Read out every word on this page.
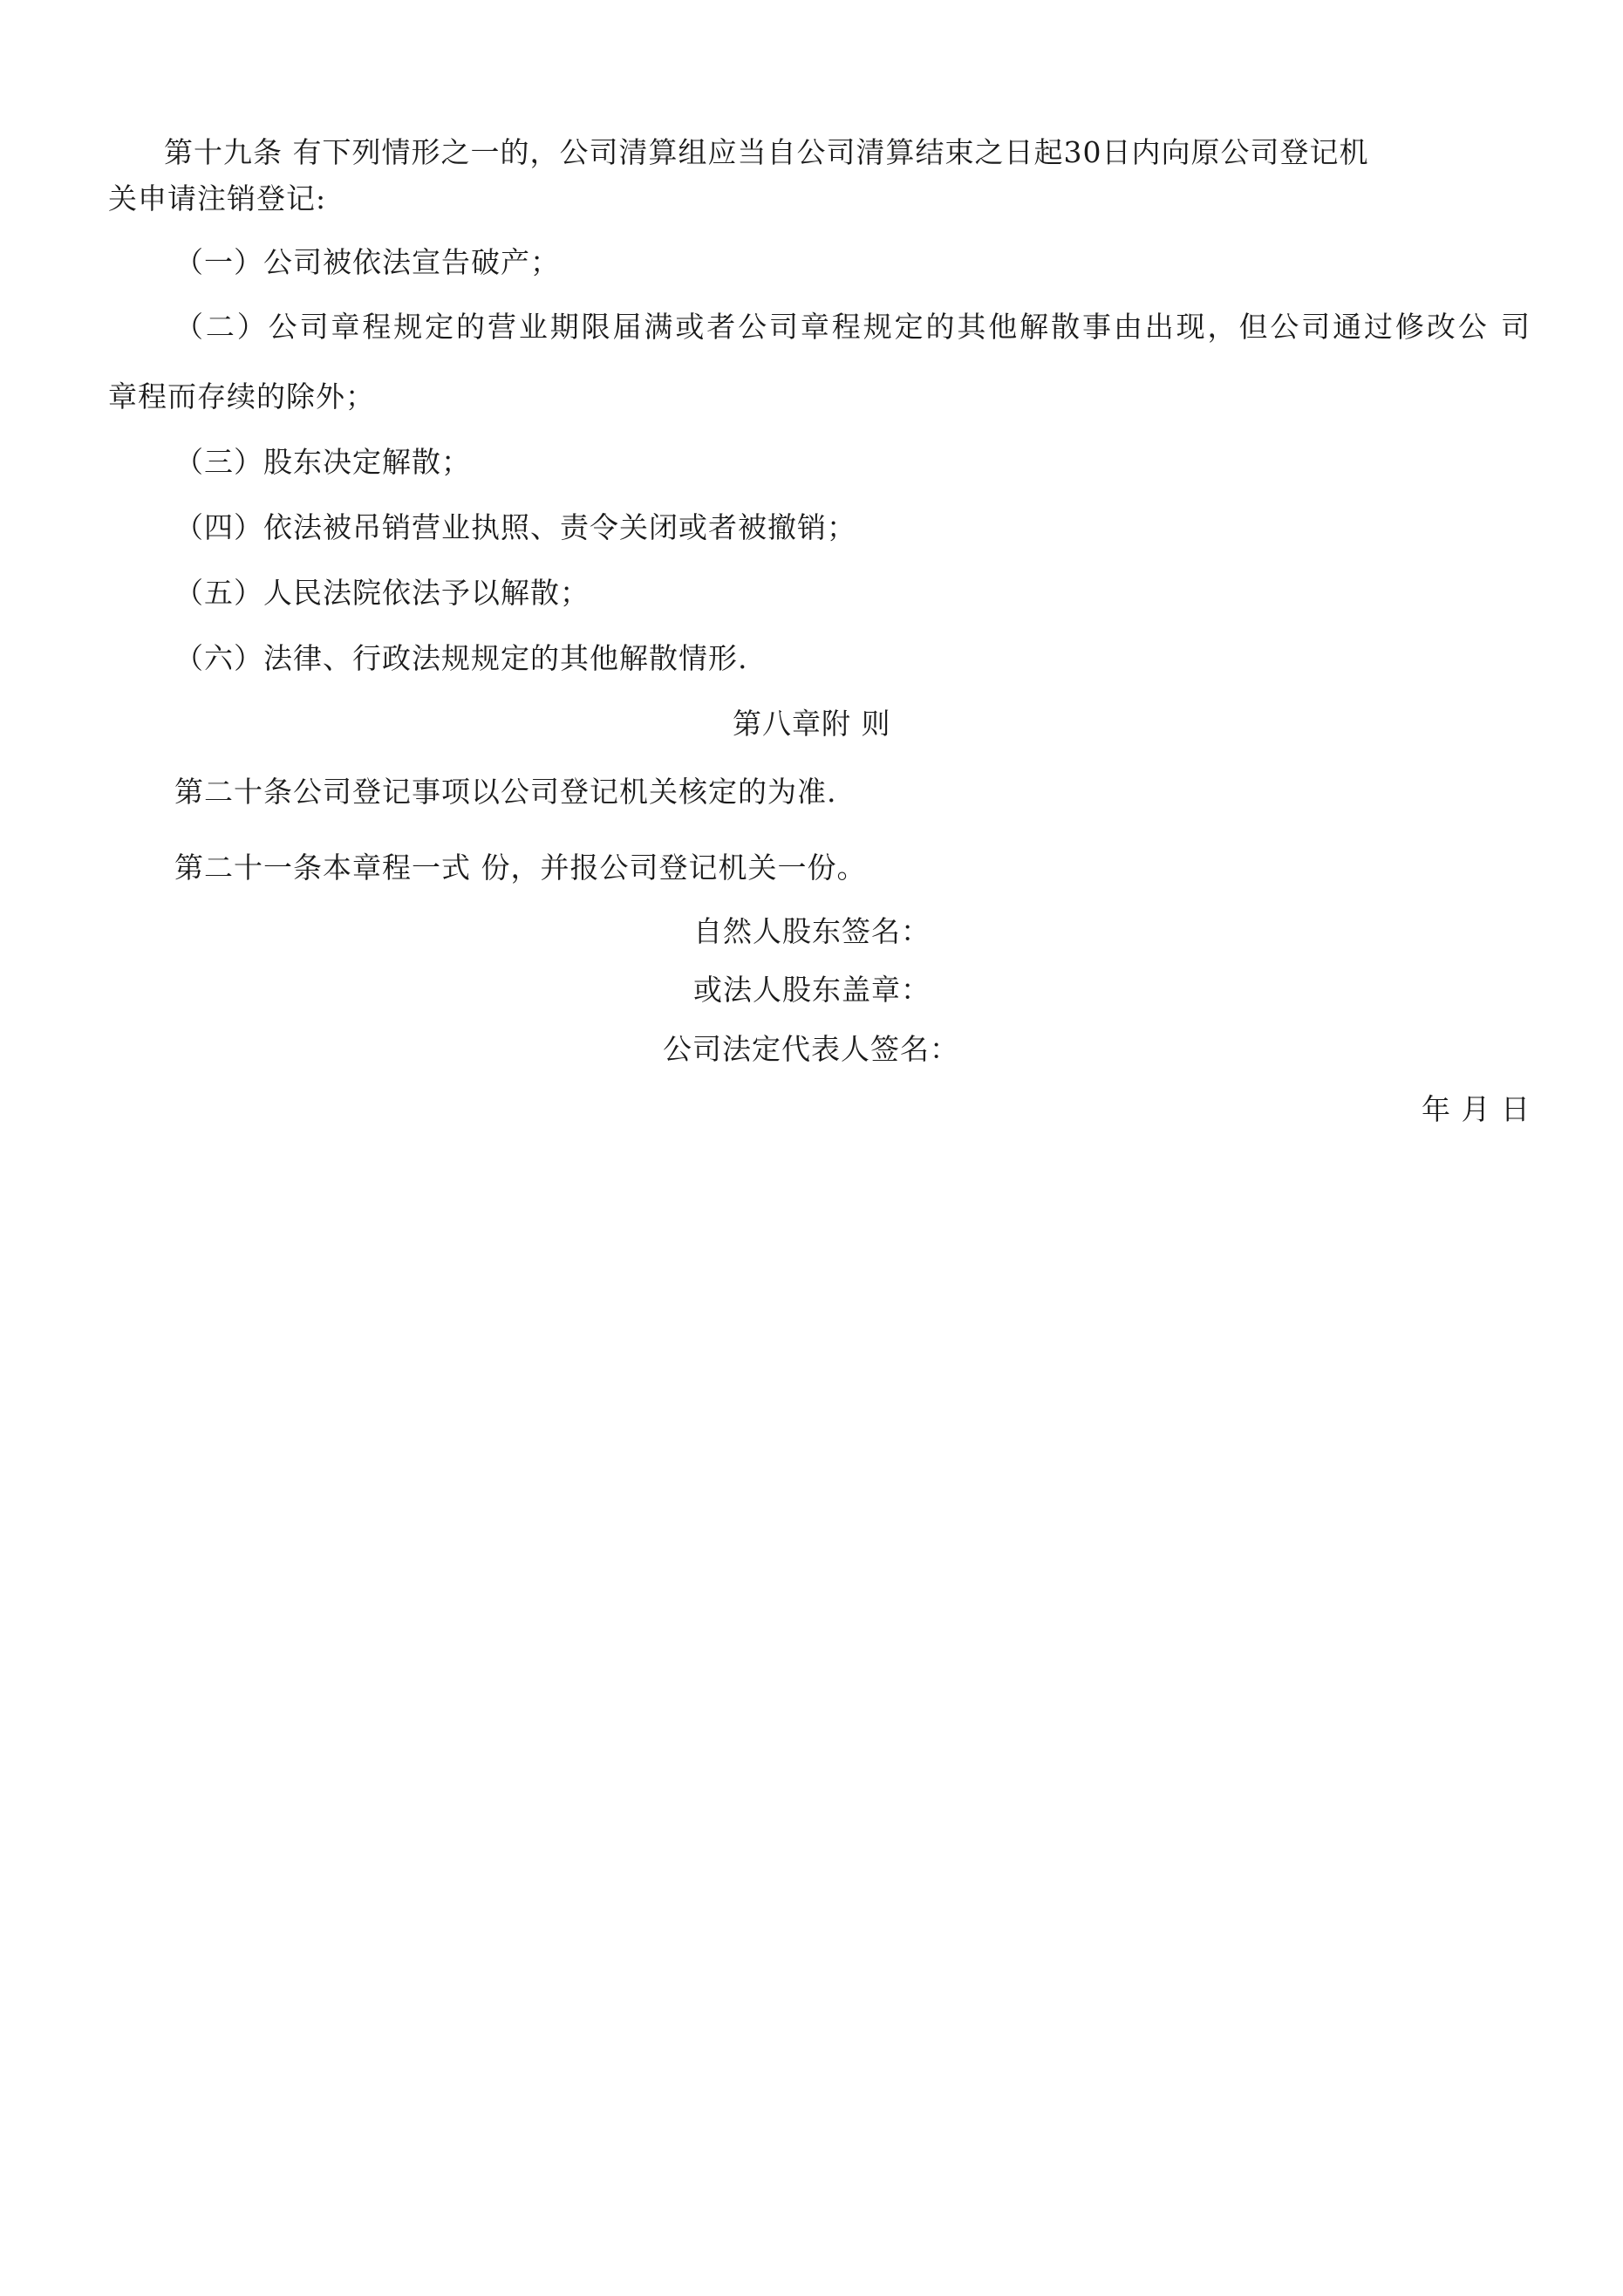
第十九条 有下列情形之一的，公司清算组应当自公司清算结束之日起30日内向原公司登记机
关申请注销登记:
（一）公司被依法宣告破产；
（二）公司章程规定的营业期限届满或者公司章程规定的其他解散事由出现，但公司通过修改公 司
章程而存续的除外；
（三）股东决定解散；
（四）依法被吊销营业执照、责令关闭或者被撤销；
（五）人民法院依法予以解散；
（六）法律、行政法规规定的其他解散情形.
第八章附 则
第二十条公司登记事项以公司登记机关核定的为准.
第二十一条本章程一式 份，并报公司登记机关一份。
自然人股东签名：
或法人股东盖章：
公司法定代表人签名：
年 月 日
